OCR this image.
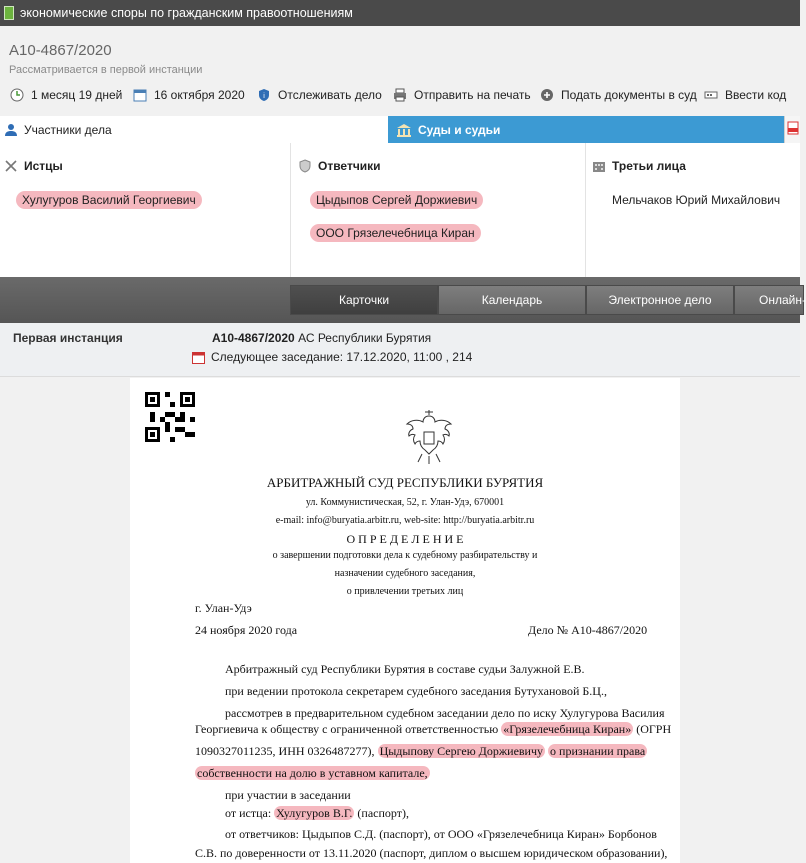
экономические споры по гражданским правоотношениям
А10-4867/2020
Рассматривается в первой инстанции
1 месяц 19 дней	16 октября 2020	i Отслеживать дело	Отправить на печать	Подать документы в суд Ввести код
Участники дела	Суды и судьи
Истцы
Хулугуров Василий Георгиевич
Ответчики
Цыдыпов Сергей Доржиевич
ООО Грязелечебница Киран
Третьи лица
Мельчаков Юрий Михайлович
Карточки	Календарь	Электронное дело	Онлайн-
Первая инстанция	А10-4867/2020 АС Республики Бурятия
Следующее заседание: 17.12.2020, 11:00 , 214
АРБИТРАЖНЫЙ СУД РЕСПУБЛИКИ БУРЯТИЯ
ул. Коммунистическая, 52, г. Улан-Удэ, 670001
e-mail: info@buryatia.arbitr.ru, web-site: http://buryatia.arbitr.ru
О П Р Е Д Е Л Е Н И Е
о завершении подготовки дела к судебному разбирательству и
назначении судебного заседания,
о привлечении третьих лиц
г. Улан-Удэ
24 ноября 2020 года	Дело № А10-4867/2020
Арбитражный суд Республики Бурятия в составе судьи Залужной Е.В.
при ведении протокола секретарем судебного заседания Бутухановой Б.Ц.,
рассмотрев в предварительном судебном заседании дело по иску Хулугурова Василия
Георгиевича к обществу с ограниченной ответственностью «Грязелечебница Киран» (ОГРН
1090327011235, ИНН 0326487277), Цыдыпову Сергею Доржиевичу о признании права
собственности на долю в уставном капитале,
при участии в заседании
от истца: Хулугуров В.Г. (паспорт),
от ответчиков: Цыдыпов С.Д. (паспорт), от ООО «Грязелечебница Киран» Борбонов
С.В. по доверенности от 13.11.2020 (паспорт, диплом о высшем юридическом образовании),
